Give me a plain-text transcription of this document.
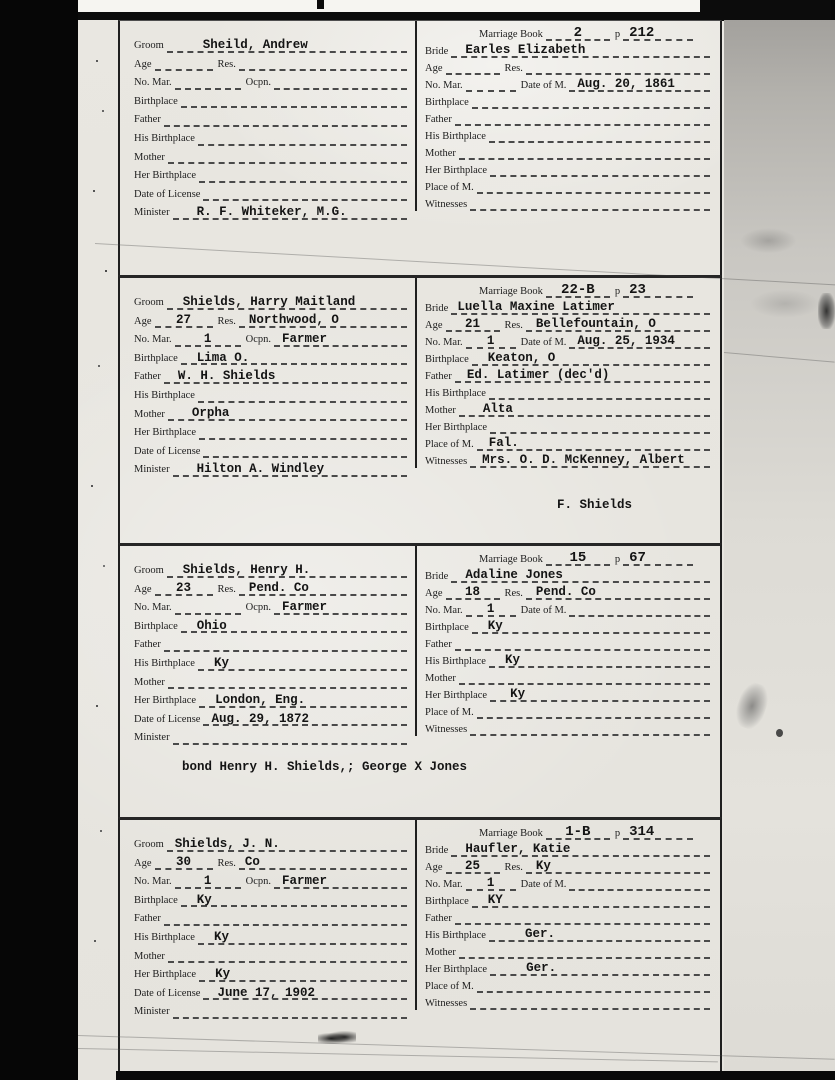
Groom	Sheild, Andrew
Age	Res.
No. Mar.	Ocpn.
Birthplace
Father
His Birthplace
Mother
Her Birthplace
Date of License
Minister R. F. Whiteker, M.G.
Marriage Book 2	p 212
Bride Earles Elizabeth
Age	Res.
No. Mar.	Date of M. Aug. 20, 1861
Birthplace
Father
His Birthplace
Mother
Her Birthplace
Place of M.
Witnesses
Groom Shields, Harry Maitland
Age 27	Res. Northwood, O
No. Mar.	1	Ocpn. Farmer
Birthplace Lima O.
Father W. H. Shields
His Birthplace
Mother Orpha
Her Birthplace
Date of License
Minister Hilton A. Windley
Marriage Book 22-B	p 23
Bride Luella Maxine Latimer
Age 21	Res. Bellefountain, O
No. Mar. 1	Date of M. Aug. 25, 1934
Birthplace Keaton, O
Father Ed. Latimer (dec'd)
His Birthplace
Mother Alta
Her Birthplace
Place of M. Fal.
Witnesses Mrs. O. D. McKenney, Albert
F. Shields
Groom Shields, Henry H.
Age 23	Res. Pend. Co
No. Mar.	Ocpn. Farmer
Birthplace Ohio
Father
His Birthplace Ky
Mother
Her Birthplace London, Eng.
Date of License Aug. 29, 1872
Minister
Marriage Book 15	p 67
Bride Adaline Jones
Age 18	Res. Pend. Co
No. Mar. 1	Date of M.
Birthplace Ky
Father
His Birthplace Ky
Mother
Her Birthplace Ky
Place of M.
Witnesses
bond Henry H. Shields,; George X Jones
Groom Shields, J. N.
Age 30	Res. Co
No. Mar.	1	Ocpn. Farmer
Birthplace Ky
Father
His Birthplace Ky
Mother
Her Birthplace Ky
Date of License June 17, 1902
Minister
Marriage Book 1-B	p 314
Bride Haufler, Katie
Age 25	Res. Ky
No. Mar. 1	Date of M.
Birthplace KY
Father
His Birthplace	Ger.
Mother
Her Birthplace	Ger.
Place of M.
Witnesses
